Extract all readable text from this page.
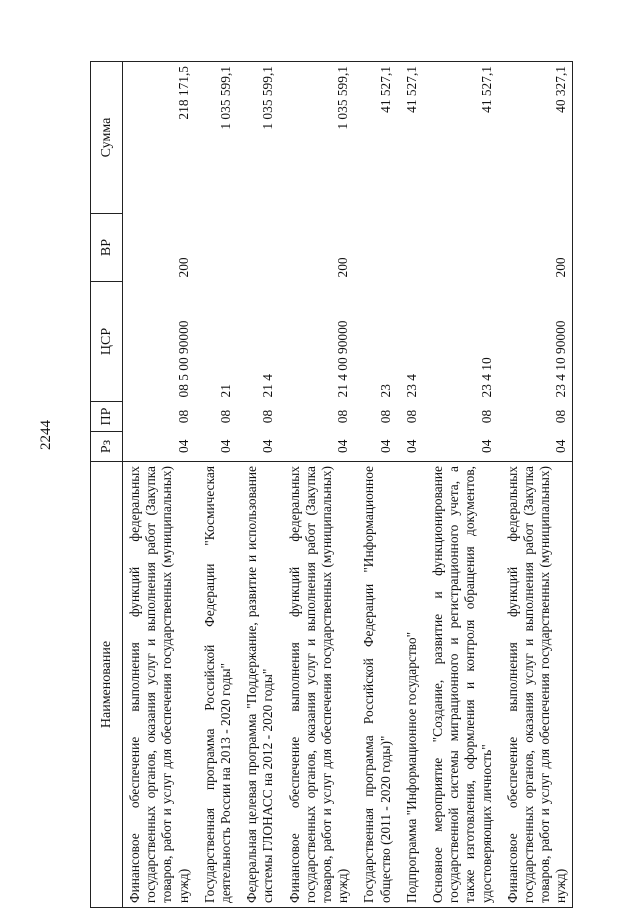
2244
Наименование	Рз	ПР	ЦСР	ВР	Сумма
Финансовое обеспечение выполнения функций федеральных государственных органов, оказания услуг и выполнения работ (Закупка товаров, работ и услуг для обеспечения государственных (муниципальных) нужд)	04	08	08 5 00 90000	200	218 171,5
Государственная программа Российской Федерации "Космическая деятельность России на 2013 - 2020 годы"	04	08	21		1 035 599,1
Федеральная целевая программа "Поддержание, развитие и использование системы ГЛОНАСС на 2012 - 2020 годы"	04	08	21 4		1 035 599,1
Финансовое обеспечение выполнения функций федеральных государственных органов, оказания услуг и выполнения работ (Закупка товаров, работ и услуг для обеспечения государственных (муниципальных) нужд)	04	08	21 4 00 90000	200	1 035 599,1
Государственная программа Российской Федерации "Информационное общество (2011 - 2020 годы)"	04	08	23		41 527,1
Подпрограмма "Информационное государство"	04	08	23 4		41 527,1
Основное мероприятие "Создание, развитие и функционирование государственной системы миграционного и регистрационного учета, а также изготовления, оформления и контроля обращения документов, удостоверяющих личность"	04	08	23 4 10		41 527,1
Финансовое обеспечение выполнения функций федеральных государственных органов, оказания услуг и выполнения работ (Закупка товаров, работ и услуг для обеспечения государственных (муниципальных) нужд)	04	08	23 4 10 90000	200	40 327,1
